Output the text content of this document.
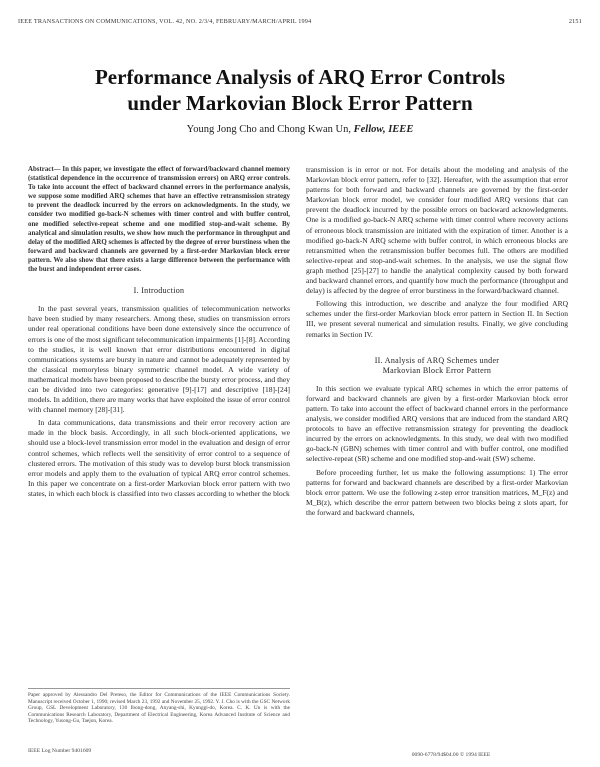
IEEE TRANSACTIONS ON COMMUNICATIONS, VOL. 42, NO. 2/3/4, FEBRUARY/MARCH/APRIL 1994	2151
Performance Analysis of ARQ Error Controls
under Markovian Block Error Pattern
Young Jong Cho and Chong Kwan Un, Fellow, IEEE

Abstract— In this paper, we investigate the effect of forward/backward channel memory (statistical dependence in the occurrence of transmission errors) on ARQ error controls. To take into account the effect of backward channel errors in the performance analysis, we suppose some modified ARQ schemes that have an effective retransmission strategy to prevent the deadlock incurred by the errors on acknowledgments. In the study, we consider two modified go-back-N schemes with timer control and with buffer control, one modified selective-repeat scheme and one modified stop-and-wait scheme. By analytical and simulation results, we show how much the performance in throughput and delay of the modified ARQ schemes is affected by the degree of error burstiness when the forward and backward channels are governed by a first-order Markovian block error pattern. We also show that there exists a large difference between the performance with the burst and independent error cases.

I. Introduction

In the past several years, transmission qualities of telecommunication networks have been studied by many researchers. Among these, studies on transmission errors under real operational conditions have been done extensively since the occurrence of errors is one of the most significant telecommunication impairments [1]-[8]. According to the studies, it is well known that error distributions encountered in digital communications systems are bursty in nature and cannot be adequately represented by the classical memoryless binary symmetric channel model. A wide variety of mathematical models have been proposed to describe the bursty error process, and they can be divided into two categories: generative [9]-[17] and descriptive [18]-[24] models. In addition, there are many works that have exploited the issue of error control with channel memory [28]-[31].

In data communications, data transmissions and their error recovery action are made in the block basis. Accordingly, in all such block-oriented applications, we should use a block-level transmission error model in the evaluation and design of error control schemes, which reflects well the sensitivity of error control to a sequence of clustered errors. The motivation of this study was to develop burst block transmission error models and apply them to the evaluation of typical ARQ error control schemes. In this paper we concentrate on a first-order Markovian block error pattern with two states, in which each block is classified into two classes according to whether the block

transmission is in error or not. For details about the modeling and analysis of the Markovian block error pattern, refer to [32]. Hereafter, with the assumption that error patterns for both forward and backward channels are governed by the first-order Markovian block error model, we consider four modified ARQ versions that can prevent the deadlock incurred by the possible errors on backward acknowledgments. One is a modified go-back-N ARQ scheme with timer control where recovery actions of erroneous block transmission are initiated with the expiration of timer. Another is a modified go-back-N ARQ scheme with buffer control, in which erroneous blocks are retransmitted when the retransmission buffer becomes full. The others are modified selective-repeat and stop-and-wait schemes. In the analysis, we use the signal flow graph method [25]-[27] to handle the analytical complexity caused by both forward and backward channel errors, and quantify how much the performance (throughput and delay) is affected by the degree of error burstiness in the forward/backward channel.

Following this introduction, we describe and analyze the four modified ARQ schemes under the first-order Markovian block error pattern in Section II. In Section III, we present several numerical and simulation results. Finally, we give concluding remarks in Section IV.

II. Analysis of ARQ Schemes under
Markovian Block Error Pattern

In this section we evaluate typical ARQ schemes in which the error patterns of forward and backward channels are given by a first-order Markovian block error pattern. To take into account the effect of backward channel errors in the performance analysis, we consider modified ARQ versions that are induced from the standard ARQ protocols to have an effective retransmission strategy for preventing the deadlock incurred by the errors on acknowledgments. In this study, we deal with two modified go-back-N (GBN) schemes with timer control and with buffer control, one modified selective-repeat (SR) scheme and one modified stop-and-wait (SW) scheme.

Before proceeding further, let us make the following assumptions: 1) The error patterns for forward and backward channels are described by a first-order Markovian block error pattern. We use the following z-step error transition matrices, M_F(z) and M_B(z), which describe the error pattern between two blocks being z slots apart, for the forward and backward channels,

Paper approved by Alessandro Del Preteso, the Editor for Communications of the IEEE Communications Society. Manuscript received October 1, 1990; revised March 23, 1992 and November 25, 1992. Y. J. Cho is with the GSC Network Group, GSL Development Laboratory, 130 Ibong-dong, Anyang-shi, Kyunggi-do, Korea. C. K. Un is with the Communications Research Laboratory, Department of Electrical Engineering, Korea Advanced Institute of Science and Technology, Yusong-Gu, Taejon, Korea.
IEEE Log Number 9401609
0090-6778/94$04.00 © 1994 IEEE
